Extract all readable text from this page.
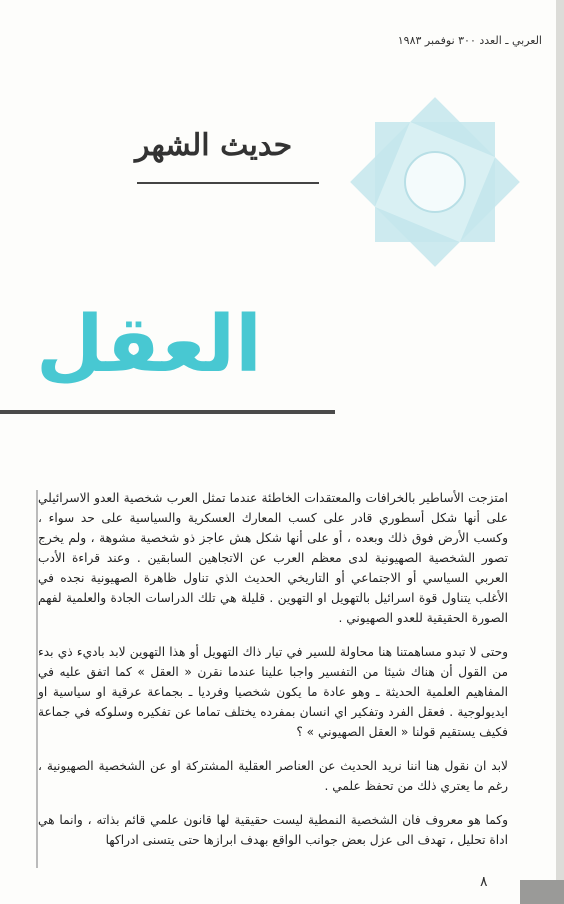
العربي ـ العدد ٣٠٠ نوفمبر ١٩٨٣
حديث الشهر
العقل

امتزجت الأساطير بالخرافات والمعتقدات الخاطئة عندما تمثل العرب شخصية العدو الاسرائيلي على أنها شكل أسطوري قادر على كسب المعارك العسكرية والسياسية على حد سواء ، وكسب الأرض فوق ذلك وبعده ، أو على أنها شكل هش عاجز ذو شخصية مشوهة ، ولم يخرج تصور الشخصية الصهيونية لدى معظم العرب عن الاتجاهين السابقين . وعند قراءة الأدب العربي السياسي أو الاجتماعي أو التاريخي الحديث الذي تناول ظاهرة الصهيونية نجده في الأغلب يتناول قوة اسرائيل بالتهويل او التهوين . قليلة هي تلك الدراسات الجادة والعلمية لفهم الصورة الحقيقية للعدو الصهيوني .

وحتى لا تبدو مساهمتنا هنا محاولة للسير في تيار ذاك التهويل أو هذا التهوين لابد باديء ذي بدء من القول أن هناك شيئا من التفسير واجبا علينا عندما نقرن « العقل » كما اتفق عليه في المفاهيم العلمية الحديثة ـ وهو عادة ما يكون شخصيا وفرديا ـ بجماعة عرقية او سياسية او ايديولوجية . فعقل الفرد وتفكير اي انسان بمفرده يختلف تماما عن تفكيره وسلوكه في جماعة فكيف يستقيم قولنا « العقل الصهيوني » ؟

لابد ان نقول هنا اننا نريد الحديث عن العناصر العقلية المشتركة او عن الشخصية الصهيونية ، رغم ما يعتري ذلك من تحفظ علمي .

وكما هو معروف فان الشخصية النمطية ليست حقيقية لها قانون علمي قائم بذاته ، وانما هي اداة تحليل ، تهدف الى عزل بعض جوانب الواقع بهدف ابرازها حتى يتسنى ادراكها

٨
